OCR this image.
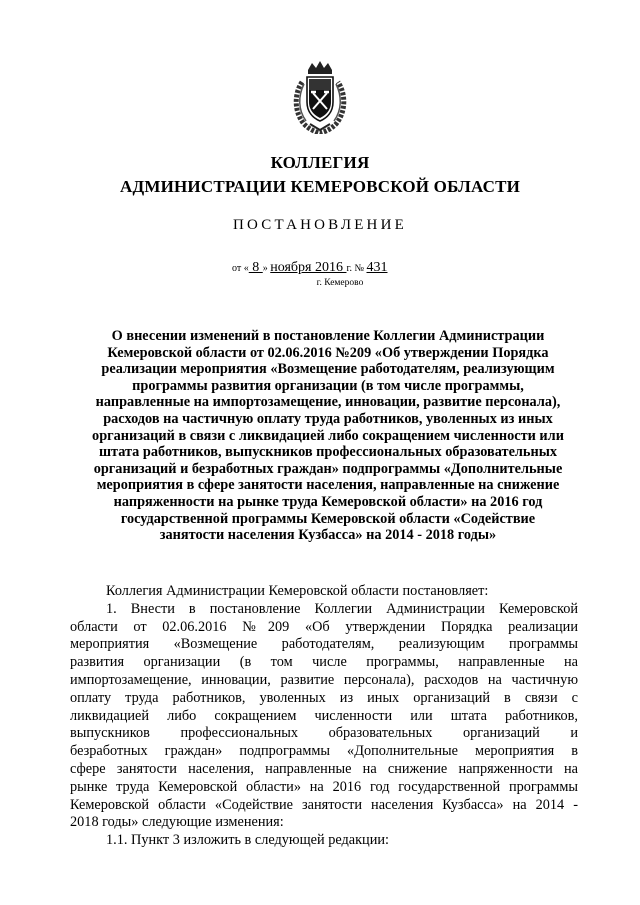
КОЛЛЕГИЯ
АДМИНИСТРАЦИИ КЕМЕРОВСКОЙ ОБЛАСТИ
ПОСТАНОВЛЕНИЕ
от « 8 » ноября 2016 г. № 431
г. Кемерово
О внесении изменений в постановление Коллегии Администрации
Кемеровской области от 02.06.2016 №209 «Об утверждении Порядка
реализации мероприятия «Возмещение работодателям, реализующим
программы развития организации (в том числе программы,
направленные на импортозамещение, инновации, развитие персонала),
расходов на частичную оплату труда работников, уволенных из иных
организаций в связи с ликвидацией либо сокращением численности или
штата работников, выпускников профессиональных образовательных
организаций и безработных граждан» подпрограммы «Дополнительные
мероприятия в сфере занятости населения, направленные на снижение
напряженности на рынке труда Кемеровской области» на 2016 год
государственной программы Кемеровской области «Содействие
занятости населения Кузбасса» на 2014 - 2018 годы»
Коллегия Администрации Кемеровской области постановляет:
1. Внести в постановление Коллегии Администрации Кемеровской
области от 02.06.2016 №209 «Об утверждении Порядка реализации
мероприятия «Возмещение работодателям, реализующим программы
развития организации (в том числе программы, направленные на
импортозамещение, инновации, развитие персонала), расходов на частичную
оплату труда работников, уволенных из иных организаций в связи с
ликвидацией либо сокращением численности или штата работников,
выпускников профессиональных образовательных организаций и
безработных граждан» подпрограммы «Дополнительные мероприятия в
сфере занятости населения, направленные на снижение напряженности на
рынке труда Кемеровской области» на 2016 год государственной программы
Кемеровской области «Содействие занятости населения Кузбасса» на 2014 -
2018 годы» следующие изменения:
1.1. Пункт 3 изложить в следующей редакции:
